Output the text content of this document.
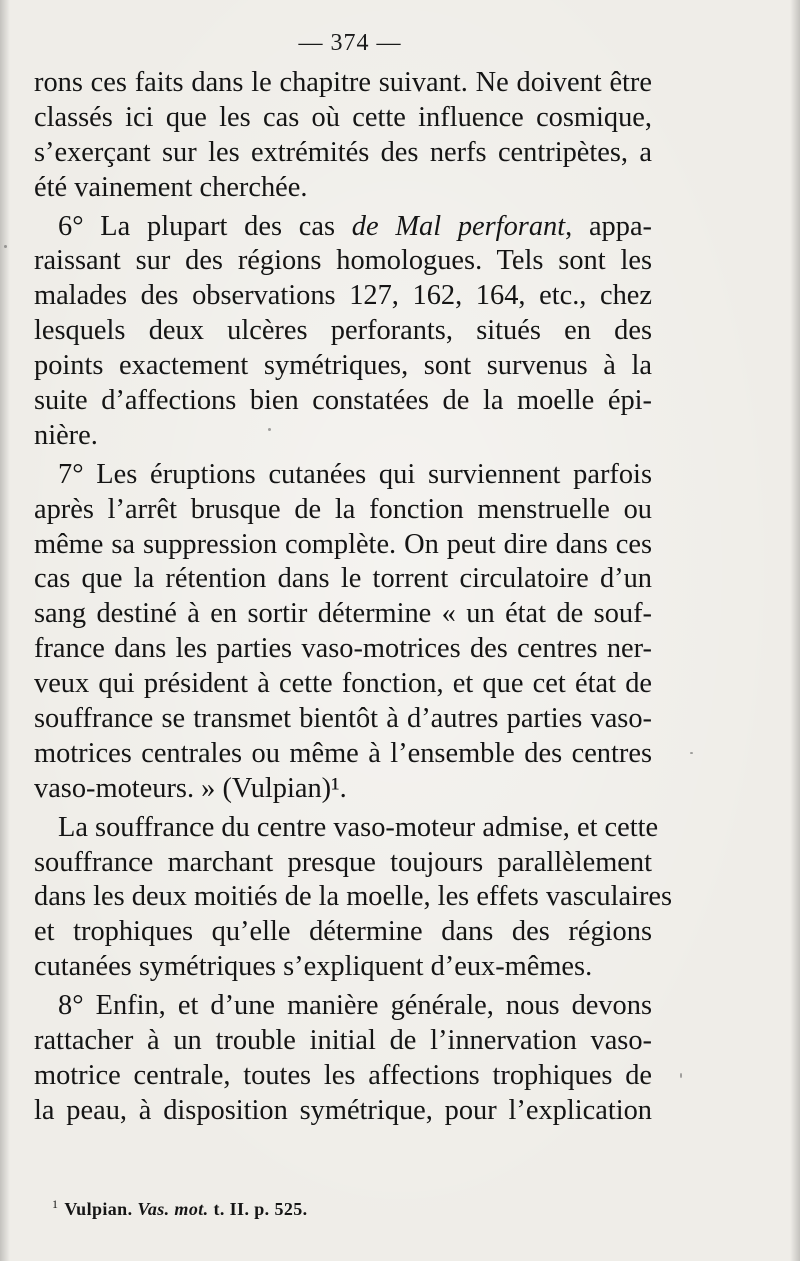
— 374 —
rons ces faits dans le chapitre suivant. Ne doivent être
classés ici que les cas où cette influence cosmique,
s’exerçant sur les extrémités des nerfs centripètes, a
été vainement cherchée.
6° La plupart des cas de Mal perforant, appa-
raissant sur des régions homologues. Tels sont les
malades des observations 127, 162, 164, etc., chez
lesquels deux ulcères perforants, situés en des
points exactement symétriques, sont survenus à la
suite d’affections bien constatées de la moelle épi-
nière.
7° Les éruptions cutanées qui surviennent parfois
après l’arrêt brusque de la fonction menstruelle ou
même sa suppression complète. On peut dire dans ces
cas que la rétention dans le torrent circulatoire d’un
sang destiné à en sortir détermine « un état de souf-
france dans les parties vaso-motrices des centres ner-
veux qui président à cette fonction, et que cet état de
souffrance se transmet bientôt à d’autres parties vaso-
motrices centrales ou même à l’ensemble des centres
vaso-moteurs. » (Vulpian)¹.
La souffrance du centre vaso-moteur admise, et cette
souffrance marchant presque toujours parallèlement
dans les deux moitiés de la moelle, les effets vasculaires
et trophiques qu’elle détermine dans des régions
cutanées symétriques s’expliquent d’eux-mêmes.
8° Enfin, et d’une manière générale, nous devons
rattacher à un trouble initial de l’innervation vaso-
motrice centrale, toutes les affections trophiques de
la peau, à disposition symétrique, pour l’explication
$^1$ Vulpian. Vas. mot. t. II. p. 525.
